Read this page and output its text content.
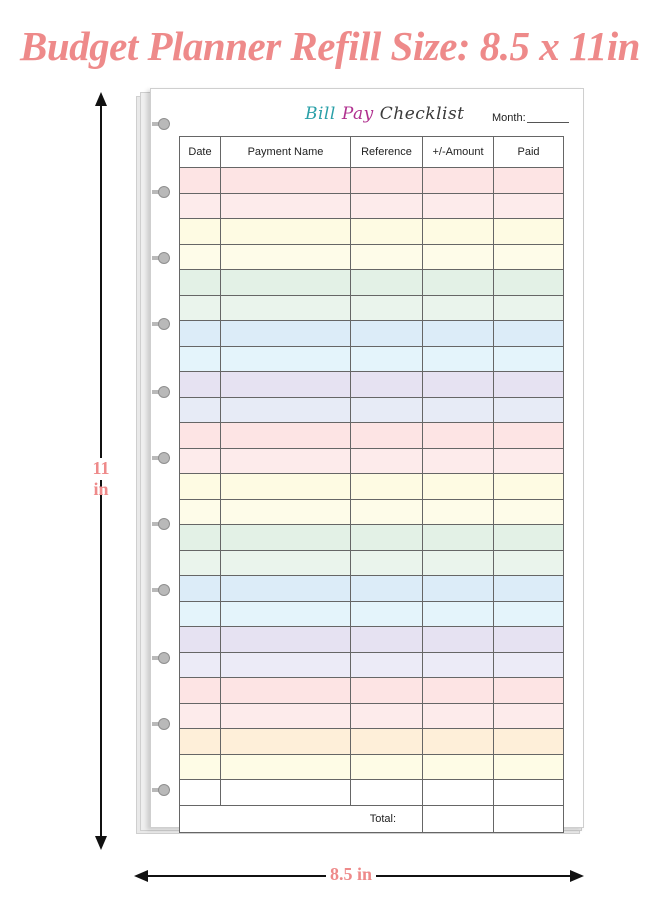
Budget Planner Refill Size: 8.5 x 11in
11 in
8.5 in
Bill Pay Checklist Month:
Date	Payment Name	Reference	+/-Amount	Paid

Total:				
